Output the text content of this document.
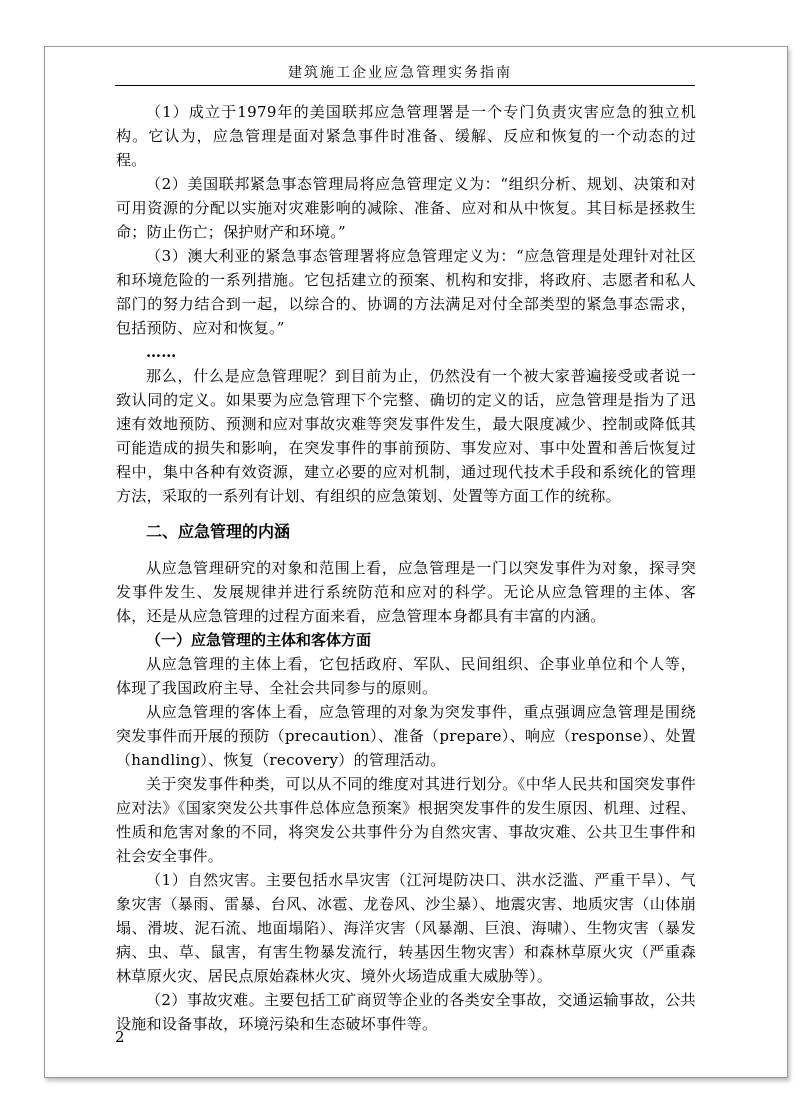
建筑施工企业应急管理实务指南

（1）成立于1979年的美国联邦应急管理署是一个专门负责灾害应急的独立机构。它认为，应急管理是面对紧急事件时准备、缓解、反应和恢复的一个动态的过程。

（2）美国联邦紧急事态管理局将应急管理定义为：“组织分析、规划、决策和对可用资源的分配以实施对灾难影响的减除、准备、应对和从中恢复。其目标是拯救生命；防止伤亡；保护财产和环境。”

（3）澳大利亚的紧急事态管理署将应急管理定义为：“应急管理是处理针对社区和环境危险的一系列措施。它包括建立的预案、机构和安排，将政府、志愿者和私人部门的努力结合到一起，以综合的、协调的方法满足对付全部类型的紧急事态需求，包括预防、应对和恢复。”

……

那么，什么是应急管理呢？到目前为止，仍然没有一个被大家普遍接受或者说一致认同的定义。如果要为应急管理下个完整、确切的定义的话，应急管理是指为了迅速有效地预防、预测和应对事故灾难等突发事件发生，最大限度减少、控制或降低其可能造成的损失和影响，在突发事件的事前预防、事发应对、事中处置和善后恢复过程中，集中各种有效资源，建立必要的应对机制，通过现代技术手段和系统化的管理方法，采取的一系列有计划、有组织的应急策划、处置等方面工作的统称。

二、应急管理的内涵

从应急管理研究的对象和范围上看，应急管理是一门以突发事件为对象，探寻突发事件发生、发展规律并进行系统防范和应对的科学。无论从应急管理的主体、客体，还是从应急管理的过程方面来看，应急管理本身都具有丰富的内涵。

（一）应急管理的主体和客体方面

从应急管理的主体上看，它包括政府、军队、民间组织、企事业单位和个人等，体现了我国政府主导、全社会共同参与的原则。

从应急管理的客体上看，应急管理的对象为突发事件，重点强调应急管理是围绕突发事件而开展的预防（precaution）、准备（prepare）、响应（response）、处置（handling）、恢复（recovery）的管理活动。

关于突发事件种类，可以从不同的维度对其进行划分。《中华人民共和国突发事件应对法》《国家突发公共事件总体应急预案》根据突发事件的发生原因、机理、过程、性质和危害对象的不同，将突发公共事件分为自然灾害、事故灾难、公共卫生事件和社会安全事件。

（1）自然灾害。主要包括水旱灾害（江河堤防决口、洪水泛滥、严重干旱）、气象灾害（暴雨、雷暴、台风、冰雹、龙卷风、沙尘暴）、地震灾害、地质灾害（山体崩塌、滑坡、泥石流、地面塌陷）、海洋灾害（风暴潮、巨浪、海啸）、生物灾害（暴发病、虫、草、鼠害，有害生物暴发流行，转基因生物灾害）和森林草原火灾（严重森林草原火灾、居民点原始森林火灾、境外火场造成重大威胁等）。

（2）事故灾难。主要包括工矿商贸等企业的各类安全事故，交通运输事故，公共设施和设备事故，环境污染和生态破坏事件等。

2
